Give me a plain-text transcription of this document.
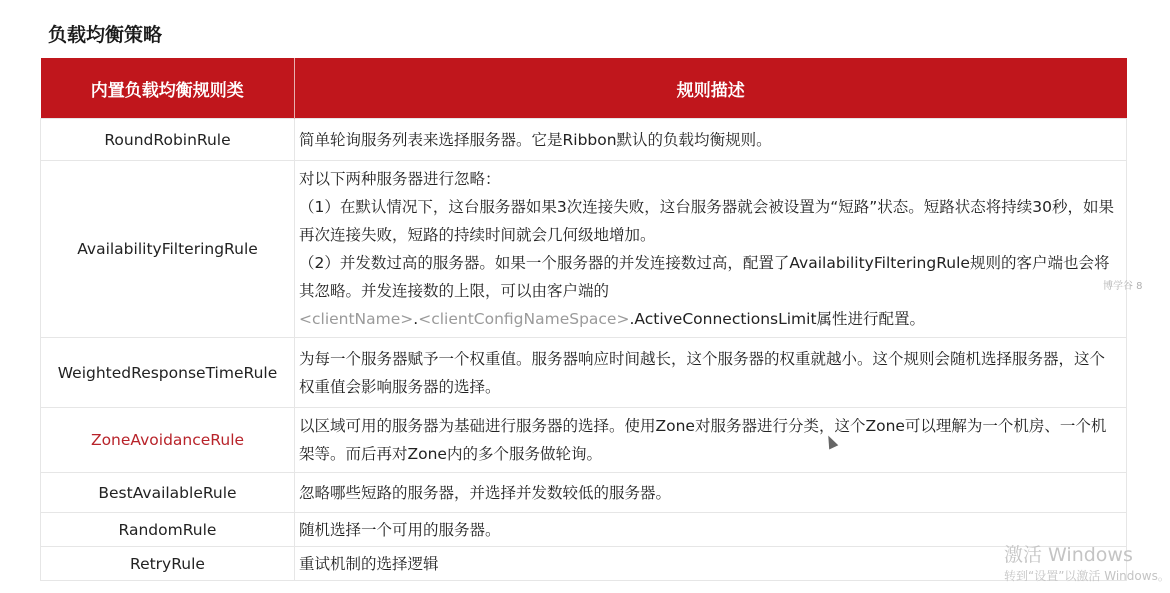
负载均衡策略
内置负载均衡规则类	规则描述
RoundRobinRule	简单轮询服务列表来选择服务器。它是Ribbon默认的负载均衡规则。
AvailabilityFilteringRule	对以下两种服务器进行忽略：
（1）在默认情况下，这台服务器如果3次连接失败，这台服务器就会被设置为“短路”状态。短路状态将持续30秒，如果再次连接失败，短路的持续时间就会几何级地增加。
（2）并发数过高的服务器。如果一个服务器的并发连接数过高，配置了AvailabilityFilteringRule规则的客户端也会将其忽略。并发连接数的上限，可以由客户端的
<clientName>.<clientConfigNameSpace>.ActiveConnectionsLimit属性进行配置。

WeightedResponseTimeRule	为每一个服务器赋予一个权重值。服务器响应时间越长，这个服务器的权重就越小。这个规则会随机选择服务器，这个权重值会影响服务器的选择。
ZoneAvoidanceRule	以区域可用的服务器为基础进行服务器的选择。使用Zone对服务器进行分类，这个Zone可以理解为一个机房、一个机架等。而后再对Zone内的多个服务做轮询。
BestAvailableRule	忽略哪些短路的服务器，并选择并发数较低的服务器。
RandomRule	随机选择一个可用的服务器。
RetryRule	重试机制的选择逻辑
博学谷 8
激活 Windows
转到“设置”以激活 Windows。
